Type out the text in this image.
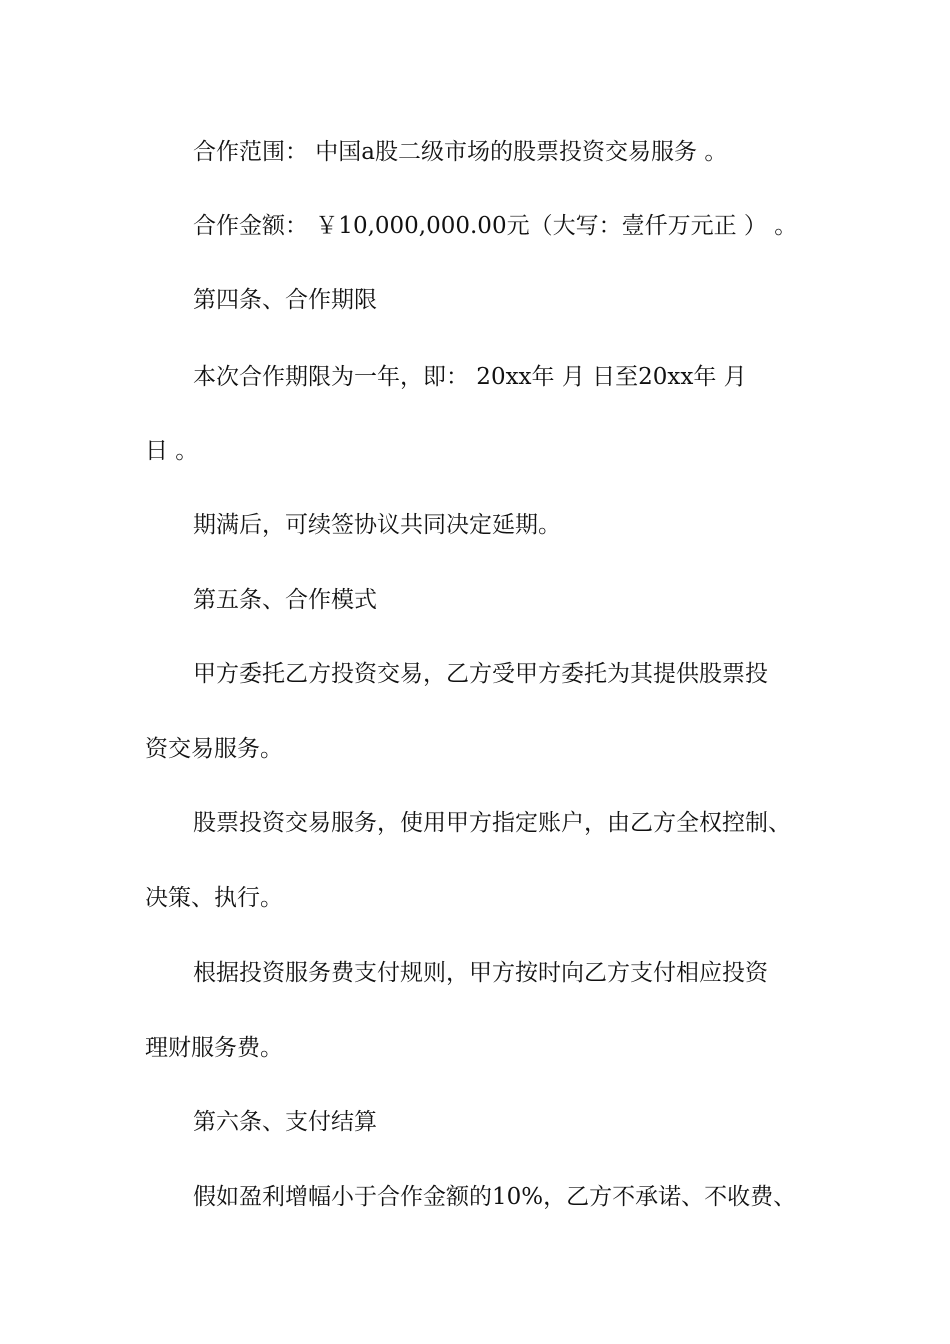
合作范围： 中国a股二级市场的股票投资交易服务 。
合作金额： ￥10,000,000.00元（大写：壹仟万元正 ） 。
第四条、合作期限
本次合作期限为一年，即： 20xx年 月 日至20xx年 月
日 。
期满后，可续签协议共同决定延期。
第五条、合作模式
甲方委托乙方投资交易，乙方受甲方委托为其提供股票投
资交易服务。
股票投资交易服务，使用甲方指定账户，由乙方全权控制、
决策、执行。
根据投资服务费支付规则，甲方按时向乙方支付相应投资
理财服务费。
第六条、支付结算
假如盈利增幅小于合作金额的10%，乙方不承诺、不收费、
